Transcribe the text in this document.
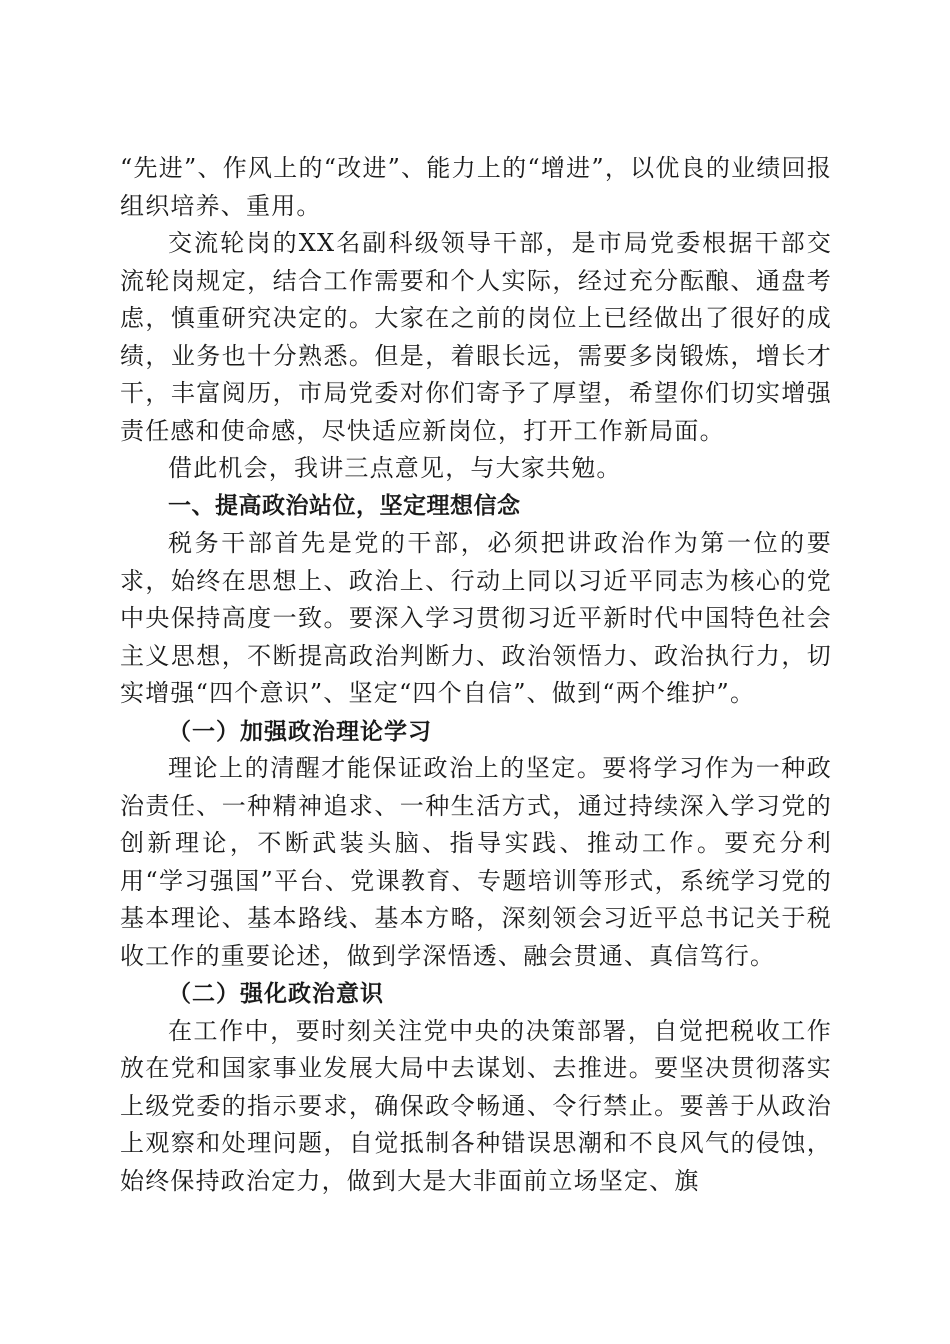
“先进”、作风上的“改进”、能力上的“增进”，以优良的业绩回报组织培养、重用。

交流轮岗的XX名副科级领导干部，是市局党委根据干部交流轮岗规定，结合工作需要和个人实际，经过充分酝酿、通盘考虑，慎重研究决定的。大家在之前的岗位上已经做出了很好的成绩，业务也十分熟悉。但是，着眼长远，需要多岗锻炼，增长才干，丰富阅历，市局党委对你们寄予了厚望，希望你们切实增强责任感和使命感，尽快适应新岗位，打开工作新局面。

借此机会，我讲三点意见，与大家共勉。

一、提高政治站位，坚定理想信念

税务干部首先是党的干部，必须把讲政治作为第一位的要求，始终在思想上、政治上、行动上同以习近平同志为核心的党中央保持高度一致。要深入学习贯彻习近平新时代中国特色社会主义思想，不断提高政治判断力、政治领悟力、政治执行力，切实增强“四个意识”、坚定“四个自信”、做到“两个维护”。

（一）加强政治理论学习

理论上的清醒才能保证政治上的坚定。要将学习作为一种政治责任、一种精神追求、一种生活方式，通过持续深入学习党的创新理论，不断武装头脑、指导实践、推动工作。要充分利用“学习强国”平台、党课教育、专题培训等形式，系统学习党的基本理论、基本路线、基本方略，深刻领会习近平总书记关于税收工作的重要论述，做到学深悟透、融会贯通、真信笃行。

（二）强化政治意识

在工作中，要时刻关注党中央的决策部署，自觉把税收工作放在党和国家事业发展大局中去谋划、去推进。要坚决贯彻落实上级党委的指示要求，确保政令畅通、令行禁止。要善于从政治上观察和处理问题，自觉抵制各种错误思潮和不良风气的侵蚀，始终保持政治定力，做到大是大非面前立场坚定、旗
